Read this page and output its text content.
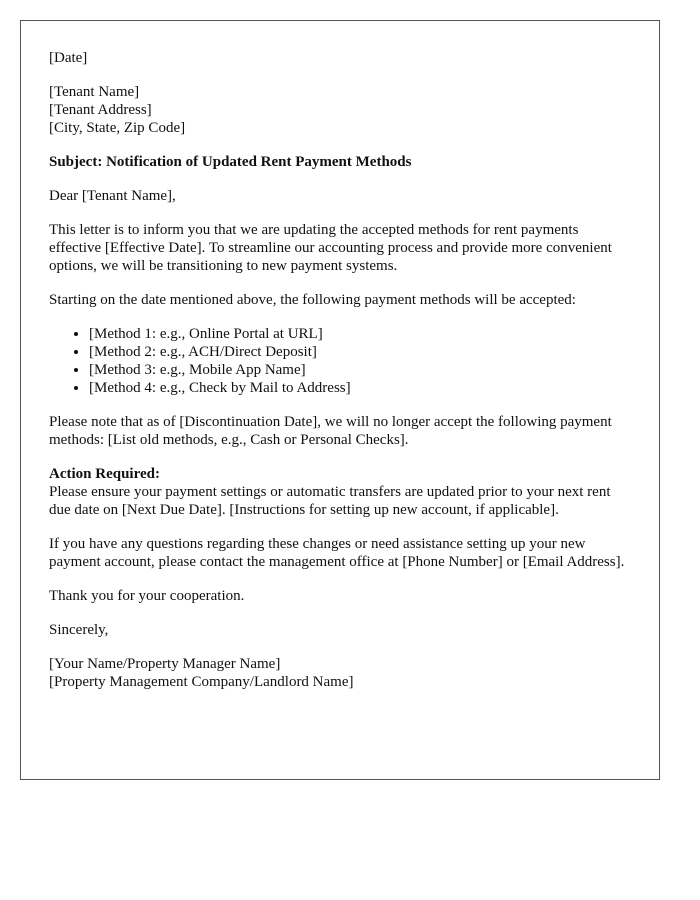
[Date]
[Tenant Name]
[Tenant Address]
[City, State, Zip Code]
Subject: Notification of Updated Rent Payment Methods
Dear [Tenant Name],
This letter is to inform you that we are updating the accepted methods for rent payments effective [Effective Date]. To streamline our accounting process and provide more convenient options, we will be transitioning to new payment systems.
Starting on the date mentioned above, the following payment methods will be accepted:
• [Method 1: e.g., Online Portal at URL]
• [Method 2: e.g., ACH/Direct Deposit]
• [Method 3: e.g., Mobile App Name]
• [Method 4: e.g., Check by Mail to Address]
Please note that as of [Discontinuation Date], we will no longer accept the following payment methods: [List old methods, e.g., Cash or Personal Checks].
Action Required:
Please ensure your payment settings or automatic transfers are updated prior to your next rent due date on [Next Due Date]. [Instructions for setting up new account, if applicable].
If you have any questions regarding these changes or need assistance setting up your new payment account, please contact the management office at [Phone Number] or [Email Address].
Thank you for your cooperation.
Sincerely,
[Your Name/Property Manager Name]
[Property Management Company/Landlord Name]
